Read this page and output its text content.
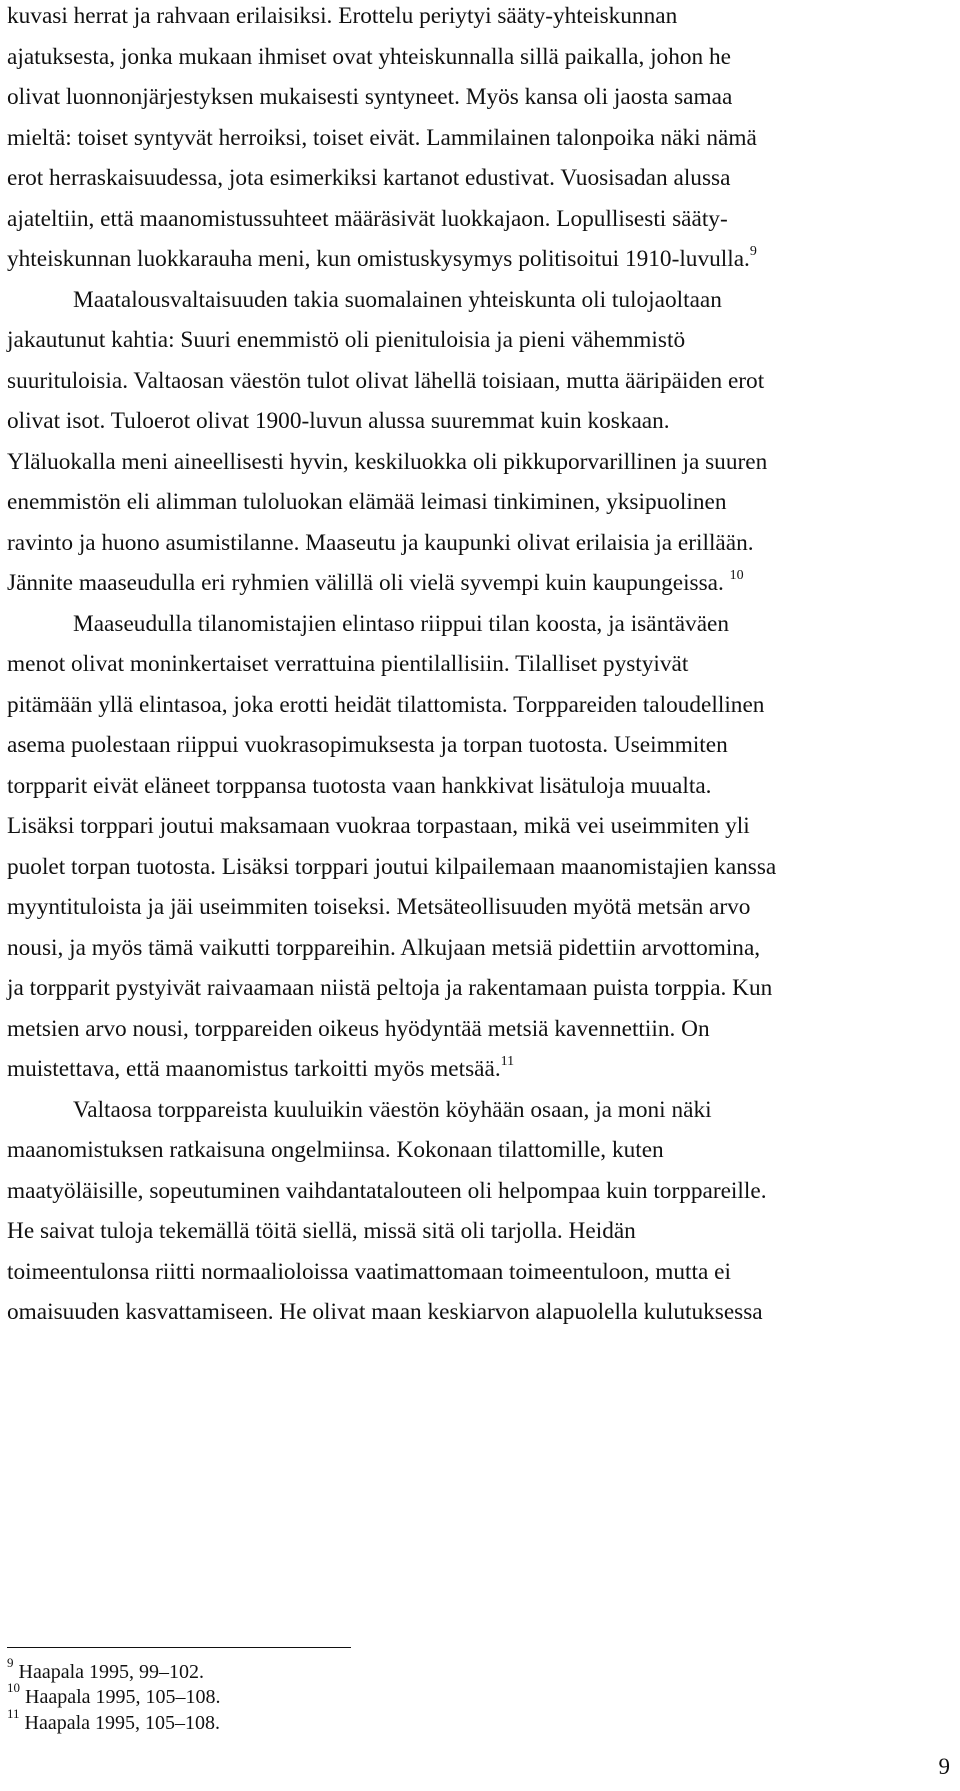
kuvasi herrat ja rahvaan erilaisiksi. Erottelu periytyi sääty-yhteiskunnan
ajatuksesta, jonka mukaan ihmiset ovat yhteiskunnalla sillä paikalla, johon he
olivat luonnonjärjestyksen mukaisesti syntyneet. Myös kansa oli jaosta samaa
mieltä: toiset syntyvät herroiksi, toiset eivät. Lammilainen talonpoika näki nämä
erot herraskaisuudessa, jota esimerkiksi kartanot edustivat. Vuosisadan alussa
ajateltiin, että maanomistussuhteet määräsivät luokkajaon. Lopullisesti sääty-
yhteiskunnan luokkarauha meni, kun omistuskysymys politisoitui 1910-luvulla.$^9$
Maatalousvaltaisuuden takia suomalainen yhteiskunta oli tulojaoltaan
jakautunut kahtia: Suuri enemmistö oli pienituloisia ja pieni vähemmistö
suurituloisia. Valtaosan väestön tulot olivat lähellä toisiaan, mutta ääripäiden erot
olivat isot. Tuloerot olivat 1900-luvun alussa suuremmat kuin koskaan.
Yläluokalla meni aineellisesti hyvin, keskiluokka oli pikkuporvarillinen ja suuren
enemmistön eli alimman tuloluokan elämää leimasi tinkiminen, yksipuolinen
ravinto ja huono asumistilanne. Maaseutu ja kaupunki olivat erilaisia ja erillään.
Jännite maaseudulla eri ryhmien välillä oli vielä syvempi kuin kaupungeissa. $^{10}$
Maaseudulla tilanomistajien elintaso riippui tilan koosta, ja isäntäväen
menot olivat moninkertaiset verrattuina pientilallisiin. Tilalliset pystyivät
pitämään yllä elintasoa, joka erotti heidät tilattomista. Torppareiden taloudellinen
asema puolestaan riippui vuokrasopimuksesta ja torpan tuotosta. Useimmiten
torpparit eivät eläneet torppansa tuotosta vaan hankkivat lisätuloja muualta.
Lisäksi torppari joutui maksamaan vuokraa torpastaan, mikä vei useimmiten yli
puolet torpan tuotosta. Lisäksi torppari joutui kilpailemaan maanomistajien kanssa
myyntituloista ja jäi useimmiten toiseksi. Metsäteollisuuden myötä metsän arvo
nousi, ja myös tämä vaikutti torppareihin. Alkujaan metsiä pidettiin arvottomina,
ja torpparit pystyivät raivaamaan niistä peltoja ja rakentamaan puista torppia. Kun
metsien arvo nousi, torppareiden oikeus hyödyntää metsiä kavennettiin. On
muistettava, että maanomistus tarkoitti myös metsää.$^{11}$
Valtaosa torppareista kuuluikin väestön köyhään osaan, ja moni näki
maanomistuksen ratkaisuna ongelmiinsa. Kokonaan tilattomille, kuten
maatyöläisille, sopeutuminen vaihdantatalouteen oli helpompaa kuin torppareille.
He saivat tuloja tekemällä töitä siellä, missä sitä oli tarjolla. Heidän
toimeentulonsa riitti normaalioloissa vaatimattomaan toimeentuloon, mutta ei
omaisuuden kasvattamiseen. He olivat maan keskiarvon alapuolella kulutuksessa
$^9$ Haapala 1995, 99–102.
$^{10}$ Haapala 1995, 105–108.
$^{11}$ Haapala 1995, 105–108.
9
